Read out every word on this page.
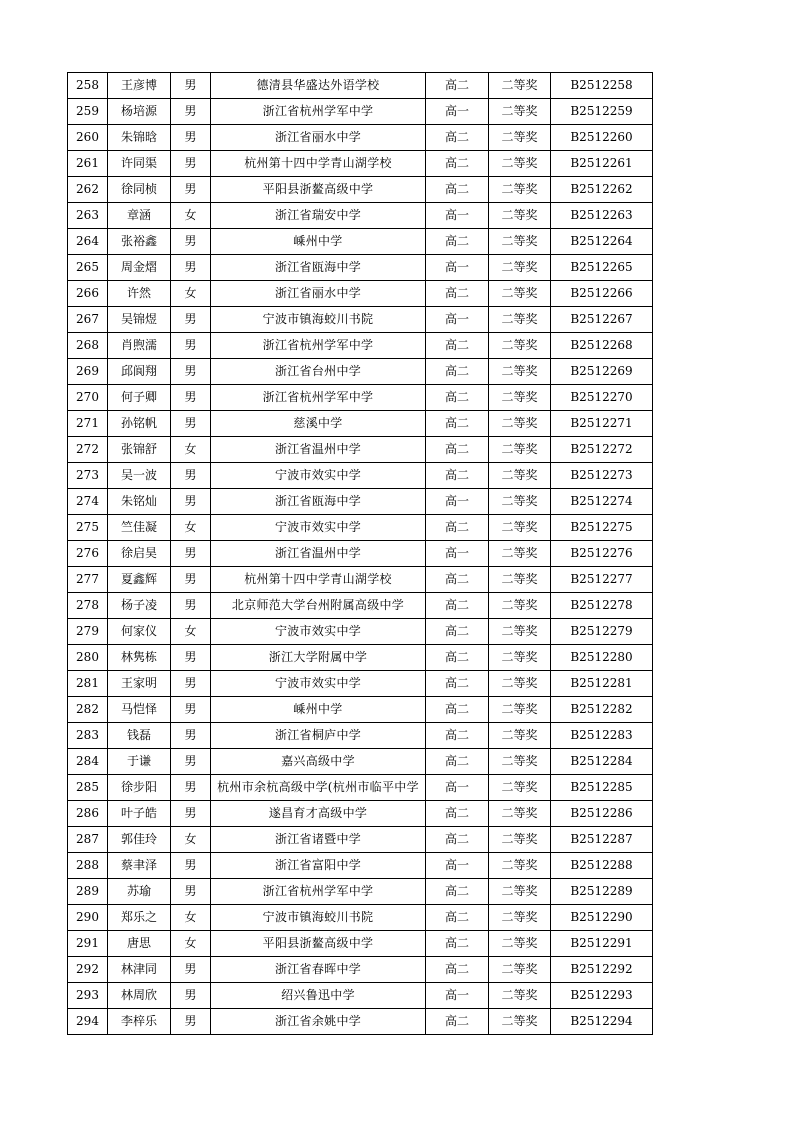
258	王彦博	男	德清县华盛达外语学校	高二	二等奖	B2512258
259	杨培源	男	浙江省杭州学军中学	高一	二等奖	B2512259
260	朱锦晗	男	浙江省丽水中学	高二	二等奖	B2512260
261	许同渠	男	杭州第十四中学青山湖学校	高二	二等奖	B2512261
262	徐同桢	男	平阳县浙鳌高级中学	高二	二等奖	B2512262
263	章涵	女	浙江省瑞安中学	高一	二等奖	B2512263
264	张裕鑫	男	嵊州中学	高二	二等奖	B2512264
265	周金熠	男	浙江省瓯海中学	高一	二等奖	B2512265
266	许然	女	浙江省丽水中学	高二	二等奖	B2512266
267	吴锦煜	男	宁波市镇海蛟川书院	高一	二等奖	B2512267
268	肖煦濡	男	浙江省杭州学军中学	高二	二等奖	B2512268
269	邱阆翔	男	浙江省台州中学	高二	二等奖	B2512269
270	何子卿	男	浙江省杭州学军中学	高二	二等奖	B2512270
271	孙铭帆	男	慈溪中学	高二	二等奖	B2512271
272	张锦舒	女	浙江省温州中学	高二	二等奖	B2512272
273	吴一波	男	宁波市效实中学	高二	二等奖	B2512273
274	朱铭灿	男	浙江省瓯海中学	高一	二等奖	B2512274
275	竺佳凝	女	宁波市效实中学	高二	二等奖	B2512275
276	徐启昊	男	浙江省温州中学	高一	二等奖	B2512276
277	夏鑫辉	男	杭州第十四中学青山湖学校	高二	二等奖	B2512277
278	杨子凌	男	北京师范大学台州附属高级中学	高二	二等奖	B2512278
279	何家仪	女	宁波市效实中学	高二	二等奖	B2512279
280	林隽栋	男	浙江大学附属中学	高二	二等奖	B2512280
281	王家明	男	宁波市效实中学	高二	二等奖	B2512281
282	马恺怿	男	嵊州中学	高二	二等奖	B2512282
283	钱磊	男	浙江省桐庐中学	高二	二等奖	B2512283
284	于谦	男	嘉兴高级中学	高二	二等奖	B2512284
285	徐步阳	男	杭州市余杭高级中学(杭州市临平中学	高一	二等奖	B2512285
286	叶子皓	男	遂昌育才高级中学	高二	二等奖	B2512286
287	郭佳玲	女	浙江省诸暨中学	高二	二等奖	B2512287
288	蔡聿泽	男	浙江省富阳中学	高一	二等奖	B2512288
289	苏瑜	男	浙江省杭州学军中学	高二	二等奖	B2512289
290	郑乐之	女	宁波市镇海蛟川书院	高二	二等奖	B2512290
291	唐思	女	平阳县浙鳌高级中学	高二	二等奖	B2512291
292	林津同	男	浙江省春晖中学	高二	二等奖	B2512292
293	林周欣	男	绍兴鲁迅中学	高一	二等奖	B2512293
294	李梓乐	男	浙江省余姚中学	高二	二等奖	B2512294
